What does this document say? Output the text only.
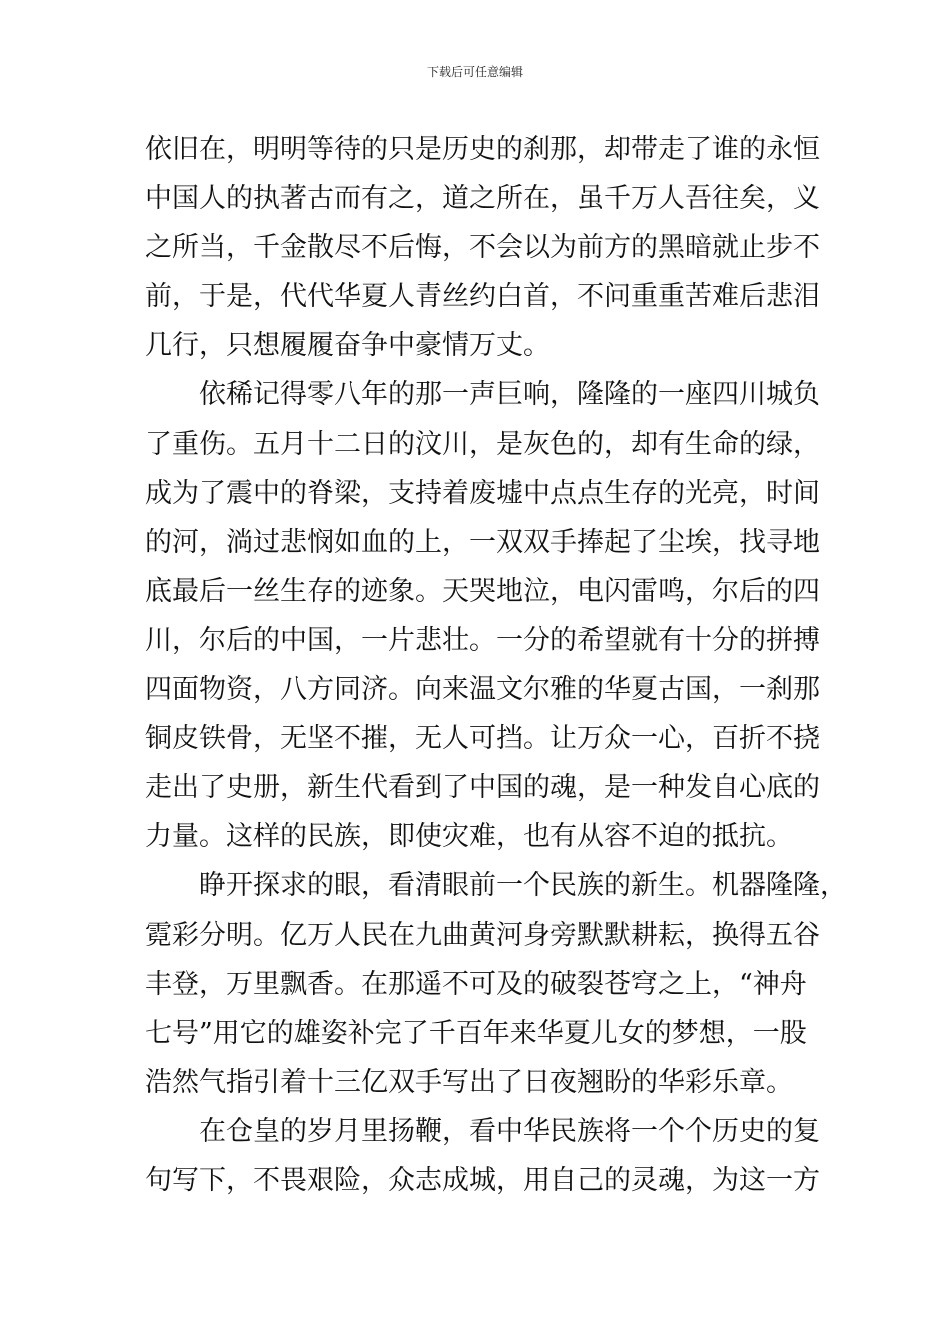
下载后可任意编辑
依旧在，明明等待的只是历史的刹那，却带走了谁的永恒
中国人的执著古而有之，道之所在，虽千万人吾往矣，义
之所当，千金散尽不后悔，不会以为前方的黑暗就止步不
前，于是，代代华夏人青丝约白首，不问重重苦难后悲泪
几行，只想履履奋争中豪情万丈。
　　依稀记得零八年的那一声巨响，隆隆的一座四川城负
了重伤。五月十二日的汶川，是灰色的，却有生命的绿，
成为了震中的脊梁，支持着废墟中点点生存的光亮，时间
的河，淌过悲悯如血的上，一双双手捧起了尘埃，找寻地
底最后一丝生存的迹象。天哭地泣，电闪雷鸣，尔后的四
川，尔后的中国，一片悲壮。一分的希望就有十分的拼搏
四面物资，八方同济。向来温文尔雅的华夏古国，一刹那
铜皮铁骨，无坚不摧，无人可挡。让万众一心，百折不挠
走出了史册，新生代看到了中国的魂，是一种发自心底的
力量。这样的民族，即使灾难，也有从容不迫的抵抗。
　　睁开探求的眼，看清眼前一个民族的新生。机器隆隆，
霓彩分明。亿万人民在九曲黄河身旁默默耕耘，换得五谷
丰登，万里飘香。在那遥不可及的破裂苍穹之上，“神舟
七号”用它的雄姿补完了千百年来华夏儿女的梦想，一股
浩然气指引着十三亿双手写出了日夜翘盼的华彩乐章。
　　在仓皇的岁月里扬鞭，看中华民族将一个个历史的复
句写下，不畏艰险，众志成城，用自己的灵魂，为这一方
